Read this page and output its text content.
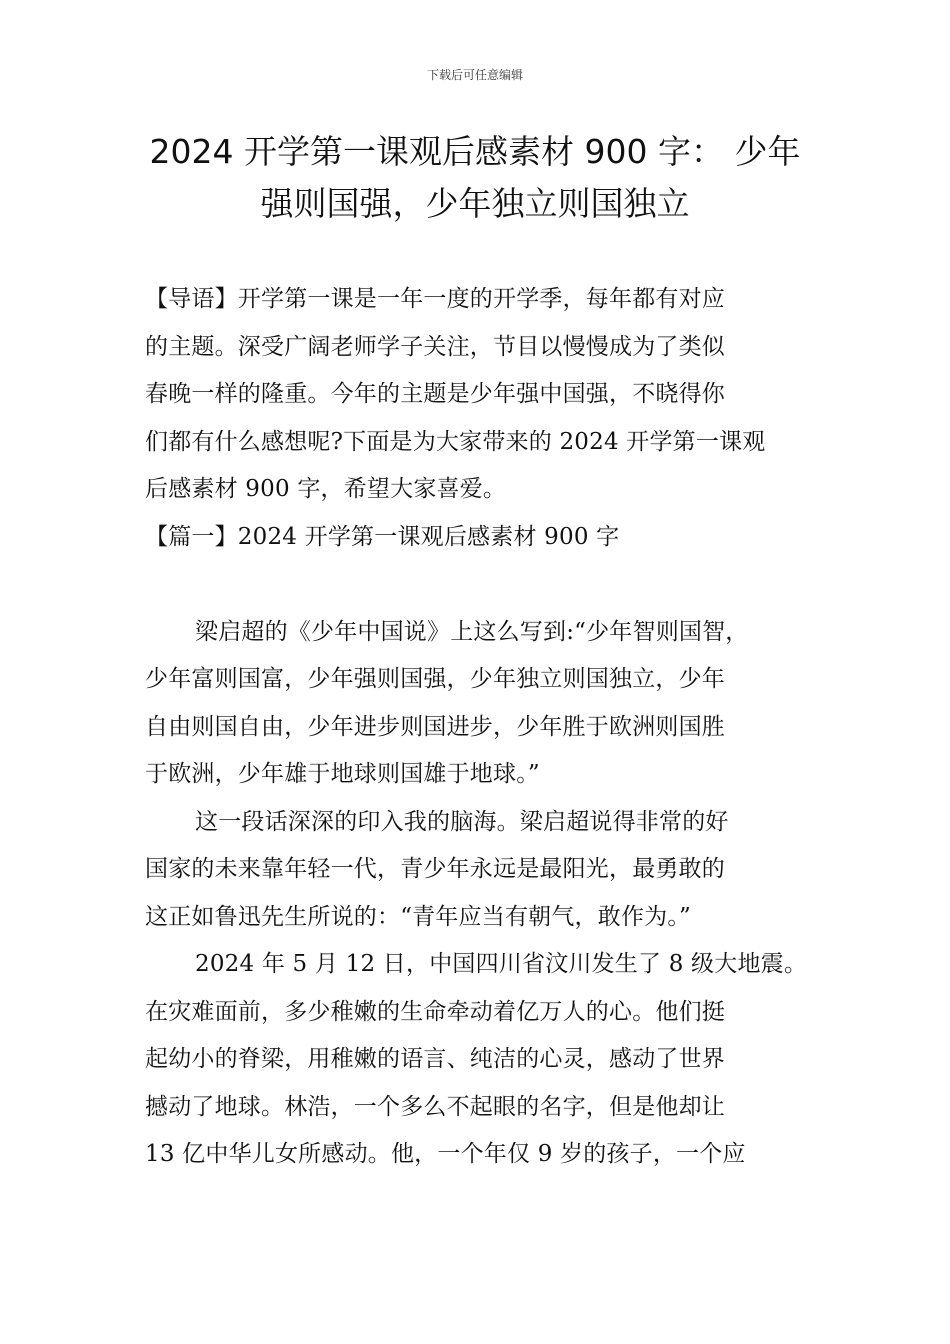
下载后可任意编辑
2024 开学第一课观后感素材 900 字： 少年
强则国强，少年独立则国独立
【导语】开学第一课是一年一度的开学季，每年都有对应
的主题。深受广阔老师学子关注，节目以慢慢成为了类似
春晚一样的隆重。今年的主题是少年强中国强，不晓得你
们都有什么感想呢?下面是为大家带来的 2024 开学第一课观
后感素材 900 字，希望大家喜爱。
【篇一】2024 开学第一课观后感素材 900 字
梁启超的《少年中国说》上这么写到:“少年智则国智，
少年富则国富，少年强则国强，少年独立则国独立，少年
自由则国自由，少年进步则国进步，少年胜于欧洲则国胜
于欧洲，少年雄于地球则国雄于地球。”
这一段话深深的印入我的脑海。梁启超说得非常的好
国家的未来靠年轻一代，青少年永远是最阳光，最勇敢的
这正如鲁迅先生所说的：“青年应当有朝气，敢作为。”
2024 年 5 月 12 日，中国四川省汶川发生了 8 级大地震。
在灾难面前，多少稚嫩的生命牵动着亿万人的心。他们挺
起幼小的脊梁，用稚嫩的语言、纯洁的心灵，感动了世界
撼动了地球。林浩，一个多么不起眼的名字，但是他却让
13 亿中华儿女所感动。他，一个年仅 9 岁的孩子，一个应
